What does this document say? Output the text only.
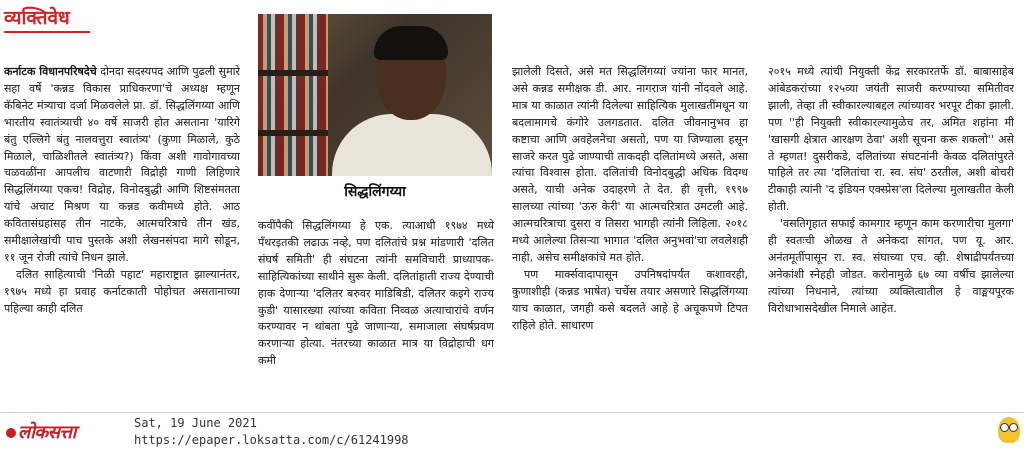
व्यक्तिवेध

कर्नाटक विधानपरिषदेचे दोनदा सदस्यपद आणि पुढली सुमारे सहा वर्षे 'कन्नड विकास प्राधिकरणा'चे अध्यक्ष म्हणून कॅबिनेट मंत्र्याचा दर्जा मिळवलेले प्रा. डॉ. सिद्धलिंगय्या आणि भारतीय स्वातंत्र्याची ४० वर्षे साजरी होत असताना 'यारिगे बंतु एल्लिगे बंतु नालवत्तुरा स्वातंत्र्य' (कुणा मिळाले, कुठे मिळाले, चाळिशीतले स्वातंत्र्य?) किंवा अशी गावोगावच्या चळवळींना आपलीच वाटणारी विद्रोही गाणी लिहिणारे सिद्धलिंगय्या एकच! विद्रोह, विनोदबुद्धी आणि शिष्टसंमतता यांचे अचाट मिश्रण या कन्नड कवीमध्ये होते. आठ कवितासंग्रहांसह तीन नाटके, आत्मचरित्राचे तीन खंड, समीक्षालेखांची पाच पुस्तके अशी लेखनसंपदा मागे सोडून, ११ जून रोजी त्यांचे निधन झाले.

दलित साहित्याची 'निळी पहाट' महाराष्ट्रात झाल्यानंतर, १९७५ मध्ये हा प्रवाह कर्नाटकाती पोहोचत असतानाच्या पहिल्या काही दलित

सिद्धलिंगय्या

कवींपैकी सिद्धलिंगय्या हे एक. त्याआधी १९७४ मध्ये पँथरइतकी लढाऊ नव्हे, पण दलितांचे प्रश्न मांडणारी 'दलित संघर्ष समिती' ही संघटना त्यांनी समविचारी प्राध्यापक-साहित्यिकांच्या साथीने सुरू केली. दलितांहाती राज्य देण्याची हाक देणाऱ्या 'दलितर बरुवर माडिबिडी, दलितर कइगे राज्य कुडी' यासारख्या त्यांच्या कविता निव्वळ अत्याचारांचे वर्णन करण्यावर न थांबता पुढे जाणाऱ्या, समाजाला संघर्षप्रवण करणाऱ्या होत्या. नंतरच्या काळात मात्र या विद्रोहाची धग कमी

झालेली दिसते, असे मत सिद्धलिंगय्यां ज्यांना फार मानत, असे कन्नड समीक्षक डी. आर. नागराज यांनी नोंदवले आहे. मात्र या काळात त्यांनी दिलेल्या साहित्यिक मुलाखतींमधून या बदलामागचे कंगोरे उलगडतात. दलित जीवनानुभव हा कष्टाचा आणि अवहेलनेचा असतो, पण या जिण्याला हसून साजरे करत पुढे जाण्याची ताकदही दलितांमध्ये असते, असा त्यांचा विश्वास होता. दलितांची विनोदबुद्धी अधिक विदग्ध असते, याची अनेक उदाहरणे ते देत. ही वृत्ती, १९९७ सालच्या त्यांच्या 'ऊरु केरी' या आत्मचरित्रात उमटली आहे. आत्मचरित्राचा दुसरा व तिसरा भागही त्यांनी लिहिला. २०१८ मध्ये आलेल्या तिसऱ्या भागात 'दलित अनुभवां'चा लवलेशही नाही, असेच समीक्षकांचे मत होते.

पण मार्क्सवादापासून उपनिषदांपर्यंत कशावरही, कुणाशीही (कन्नड भाषेत) चर्चेस तयार असणारे सिद्धलिंगय्या याच काळात, जगही कसे बदलते आहे हे अचूकपणे टिपत राहिले होते. साधारण

२०१५ मध्ये त्यांची नियुक्ती केंद्र सरकारतर्फे डॉ. बाबासाहेब आंबेडकरांच्या १२५व्या जयंती साजरी करण्याच्या समितीवर झाली, तेव्हा ती स्वीकारल्याबद्दल त्यांच्यावर भरपूर टीका झाली. पण ''ही नियुक्ती स्वीकारल्यामुळेच तर, अमित शहांना मी 'खासगी क्षेत्रात आरक्षण ठेवा' अशी सूचना करू शकलो'' असे ते म्हणत! दुसरीकडे, दलितांच्या संघटनांनी केवळ दलितांपुरते पाहिले तर त्या 'दलितांचा रा. स्व. संघ' ठरतील, अशी बोचरी टीकाही त्यांनी 'द इंडियन एक्स्प्रेस'ला दिलेल्या मुलाखतीत केली होती.

'वसतिगृहात सफाई कामगार म्हणून काम करणारीचा मुलगा' ही स्वतःची ओळख ते अनेकदा सांगत, पण यू. आर. अनंतमूर्तीपासून रा. स्व. संघाच्या एच. व्ही. शेषाद्रीपर्यंतच्या अनेकांशी स्नेहही जोडत. करोनामुळे ६७ व्या वर्षीच झालेल्या त्यांच्या निधनाने, त्यांच्या व्यक्तित्वातील हे वाङ्मयपूरक विरोधाभासदेखील निमाले आहेत.

लोकसत्ता	Sat, 19 June 2021
https://epaper.loksatta.com/c/61241998
